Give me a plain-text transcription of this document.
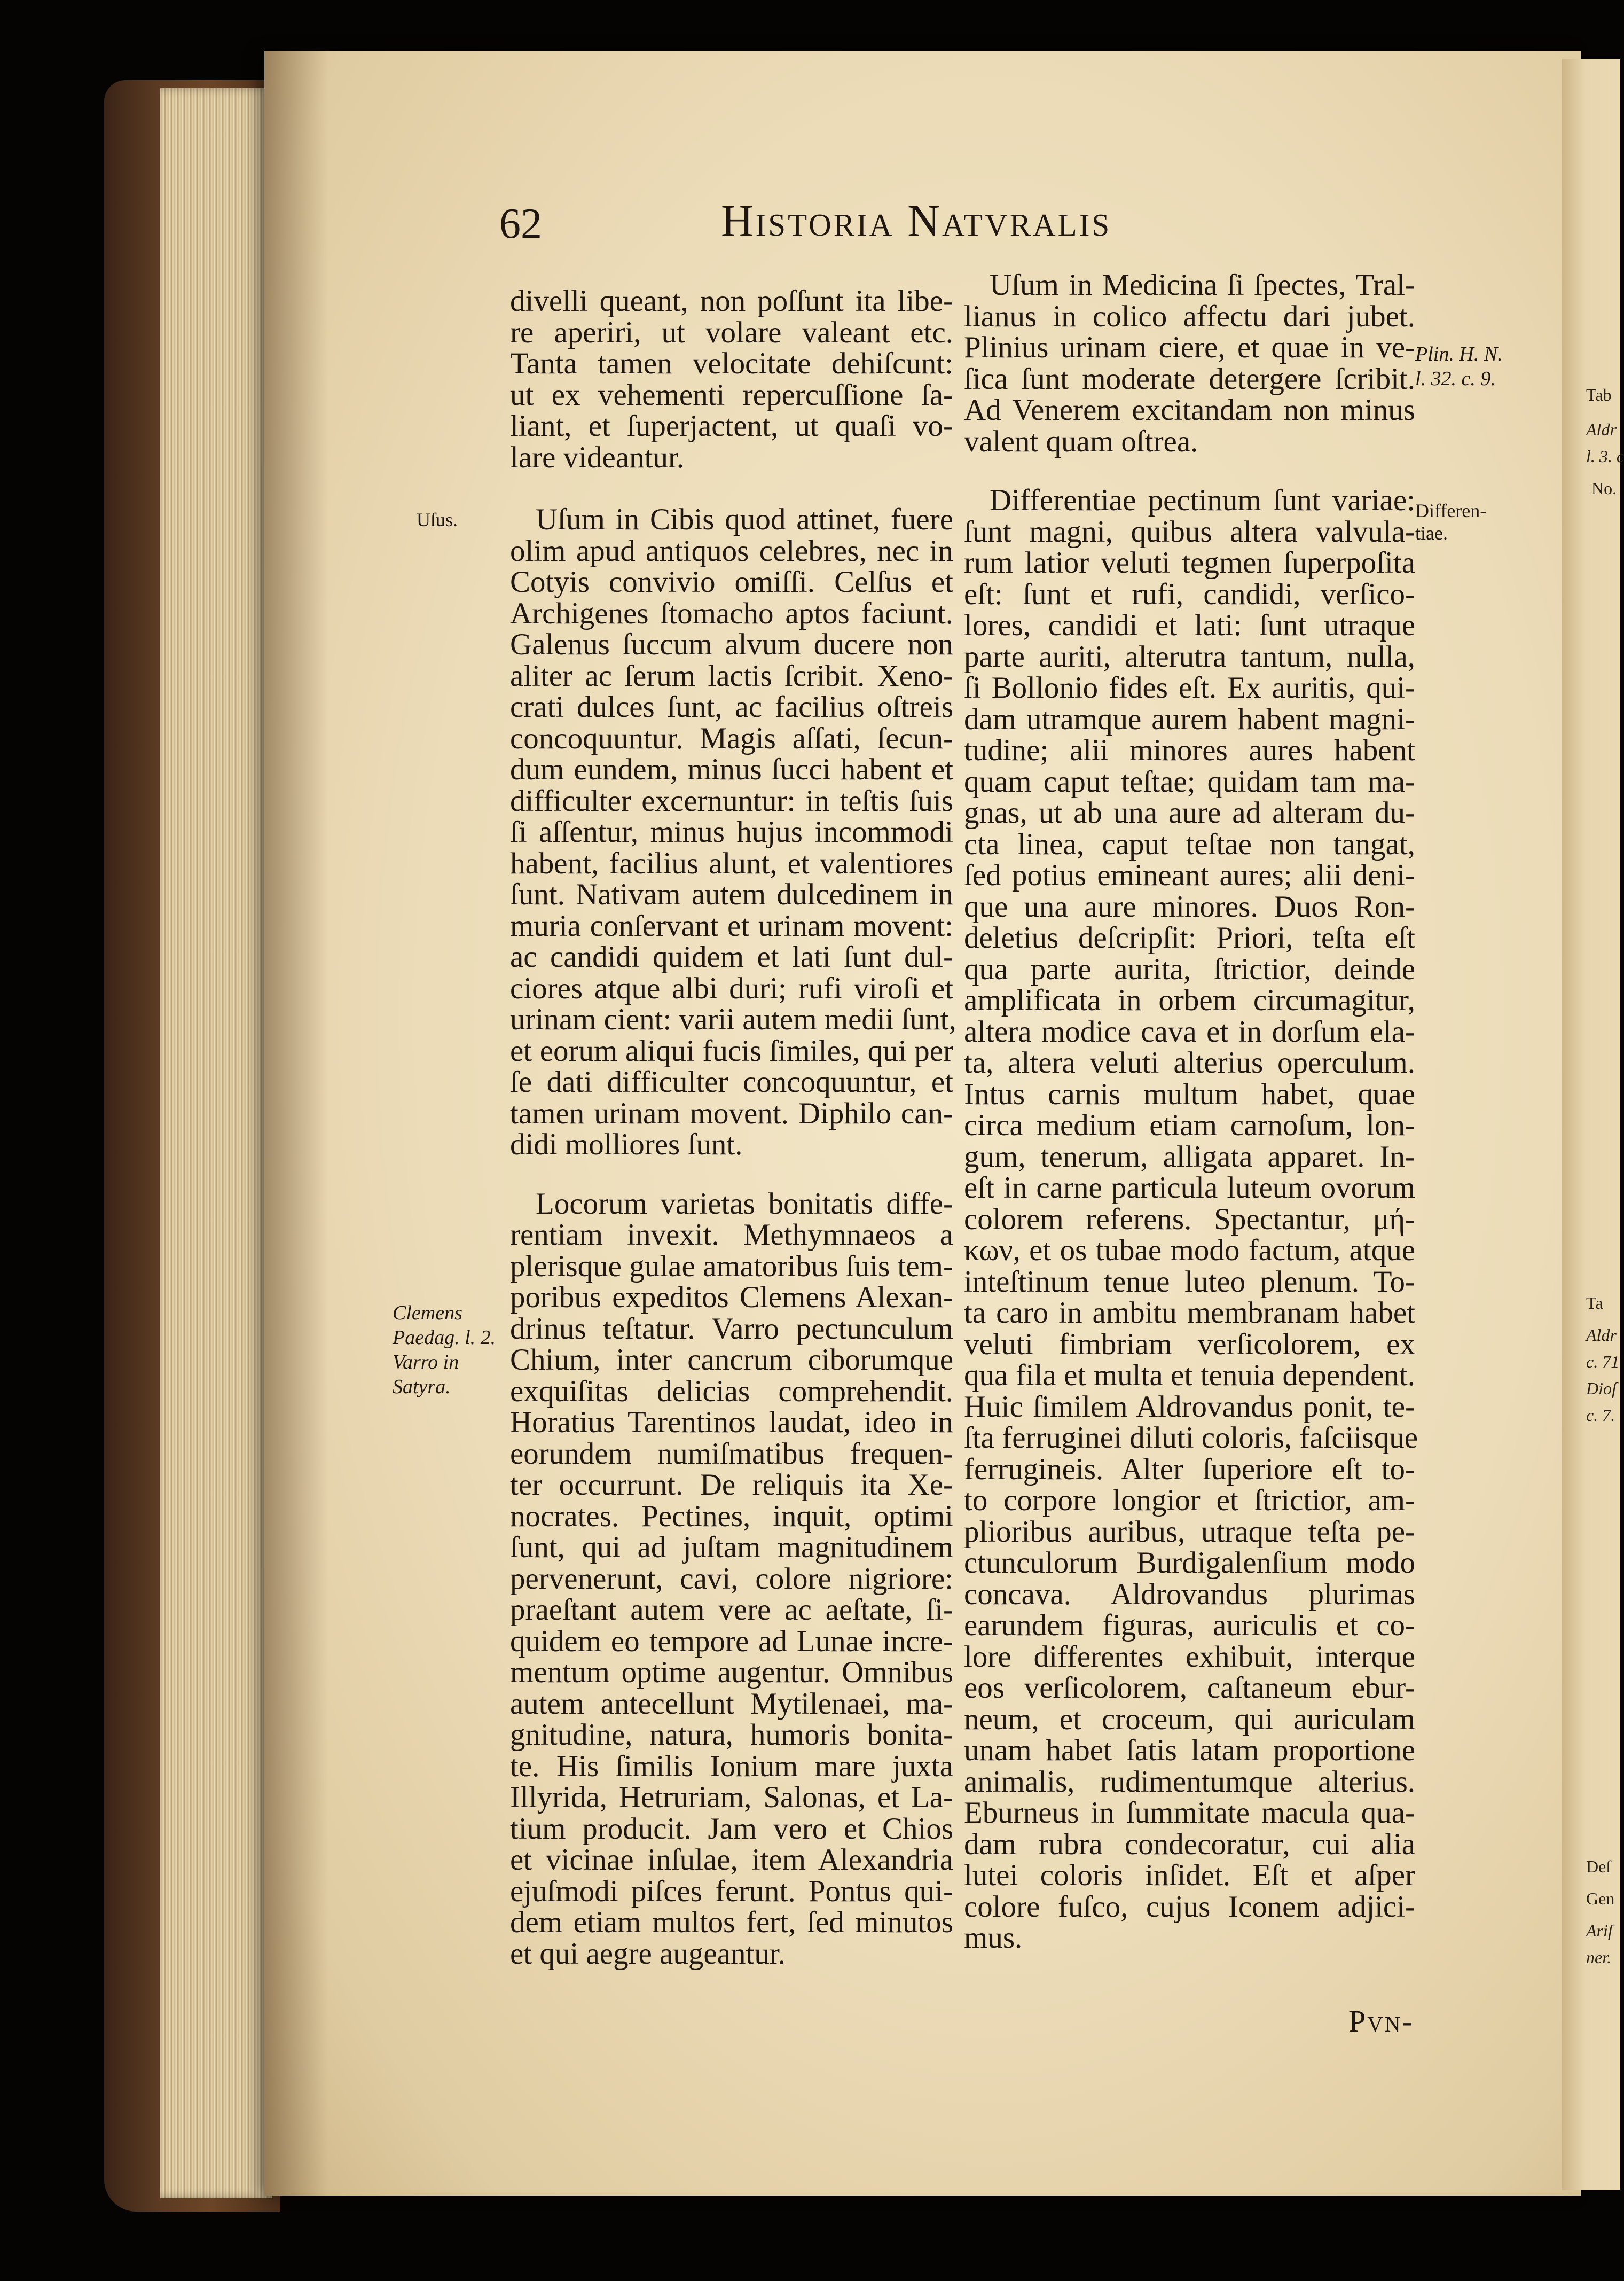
62	Historia Natvralis
divelli queant, non poſſunt ita libe-
re aperiri, ut volare valeant etc.
Tanta tamen velocitate dehiſcunt:
ut ex vehementi repercuſſione ſa-
liant, et ſuperjactent, ut quaſi vo-
lare videantur.
Uſum in Cibis quod attinet, fuere
olim apud antiquos celebres, nec in
Cotyis convivio omiſſi. Celſus et
Archigenes ſtomacho aptos faciunt.
Galenus ſuccum alvum ducere non
aliter ac ſerum lactis ſcribit. Xeno-
crati dulces ſunt, ac facilius oſtreis
concoquuntur. Magis aſſati, ſecun-
dum eundem, minus ſucci habent et
difficulter excernuntur: in teſtis ſuis
ſi aſſentur, minus hujus incommodi
habent, facilius alunt, et valentiores
ſunt. Nativam autem dulcedinem in
muria conſervant et urinam movent:
ac candidi quidem et lati ſunt dul-
ciores atque albi duri; rufi viroſi et
urinam cient: varii autem medii ſunt,
et eorum aliqui fucis ſimiles, qui per
ſe dati difficulter concoquuntur, et
tamen urinam movent. Diphilo can-
didi molliores ſunt.
Locorum varietas bonitatis diffe-
rentiam invexit. Methymnaeos a
plerisque gulae amatoribus ſuis tem-
poribus expeditos Clemens Alexan-
drinus teſtatur. Varro pectunculum
Chium, inter cancrum ciborumque
exquiſitas delicias comprehendit.
Horatius Tarentinos laudat, ideo in
eorundem numiſmatibus frequen-
ter occurrunt. De reliquis ita Xe-
nocrates. Pectines, inquit, optimi
ſunt, qui ad juſtam magnitudinem
pervenerunt, cavi, colore nigriore:
praeſtant autem vere ac aeſtate, ſi-
quidem eo tempore ad Lunae incre-
mentum optime augentur. Omnibus
autem antecellunt Mytilenaei, ma-
gnitudine, natura, humoris bonita-
te. His ſimilis Ionium mare juxta
Illyrida, Hetruriam, Salonas, et La-
tium producit. Jam vero et Chios
et vicinae inſulae, item Alexandria
ejuſmodi piſces ferunt. Pontus qui-
dem etiam multos fert, ſed minutos
et qui aegre augeantur.
Uſum in Medicina ſi ſpectes, Tral-
lianus in colico affectu dari jubet.
Plinius urinam ciere, et quae in ve-
ſica ſunt moderate detergere ſcribit.
Ad Venerem excitandam non minus
valent quam oſtrea.
Differentiae pectinum ſunt variae:
ſunt magni, quibus altera valvula-
rum latior veluti tegmen ſuperpoſita
eſt: ſunt et rufi, candidi, verſico-
lores, candidi et lati: ſunt utraque
parte auriti, alterutra tantum, nulla,
ſi Bollonio fides eſt. Ex auritis, qui-
dam utramque aurem habent magni-
tudine; alii minores aures habent
quam caput teſtae; quidam tam ma-
gnas, ut ab una aure ad alteram du-
cta linea, caput teſtae non tangat,
ſed potius emineant aures; alii deni-
que una aure minores. Duos Ron-
deletius deſcripſit: Priori, teſta eſt
qua parte aurita, ſtrictior, deinde
amplificata in orbem circumagitur,
altera modice cava et in dorſum ela-
ta, altera veluti alterius operculum.
Intus carnis multum habet, quae
circa medium etiam carnoſum, lon-
gum, tenerum, alligata apparet. In-
eſt in carne particula luteum ovorum
colorem referens. Spectantur, μή-
κων, et os tubae modo factum, atque
inteſtinum tenue luteo plenum. To-
ta caro in ambitu membranam habet
veluti fimbriam verſicolorem, ex
qua fila et multa et tenuia dependent.
Huic ſimilem Aldrovandus ponit, te-
ſta ferruginei diluti coloris, faſciisque
ferrugineis. Alter ſuperiore eſt to-
to corpore longior et ſtrictior, am-
plioribus auribus, utraque teſta pe-
ctunculorum Burdigalenſium modo
concava. Aldrovandus plurimas
earundem figuras, auriculis et co-
lore differentes exhibuit, interque
eos verſicolorem, caſtaneum ebur-
neum, et croceum, qui auriculam
unam habet ſatis latam proportione
animalis, rudimentumque alterius.
Eburneus in ſummitate macula qua-
dam rubra condecoratur, cui alia
lutei coloris inſidet. Eſt et aſper
colore fuſco, cujus Iconem adjici-
mus.
Uſus.
Clemens
Paedag. l. 2.
Varro in
Satyra.
Plin. H. N.
l. 32. c. 9.
Differen-
tiae.
Pvn-
Tab
Aldr
l. 3. c
No.
Ta
Aldr
c. 71
Dioſ
c. 7.
Deſ
Gen
Ariſ
ner.
